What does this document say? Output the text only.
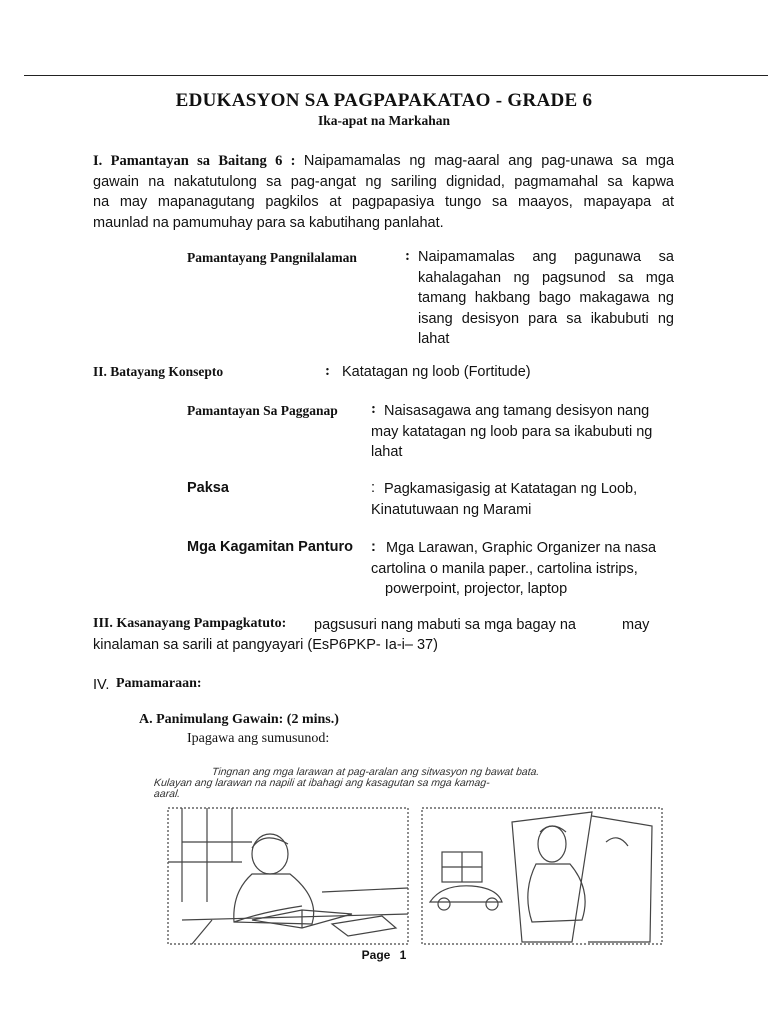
EDUKASYON SA PAGPAPAKATAO - GRADE 6
Ika-apat na Markahan
I. Pamantayan sa Baitang 6 : Naipamamalas ng mag-aaral ang pag-unawa sa mga
gawain na nakatutulong sa pag-angat ng sariling dignidad, pagmamahal sa kapwa
na may mapanagutang pagkilos at pagpapasiya tungo sa maayos, mapayapa at
maunlad na pamumuhay para sa kabutihang panlahat.
Pamantayang Pangnilalaman	: Naipamamalas ang pagunawa sa
kahalagahan ng pagsunod sa mga
tamang hakbang bago makagawa ng
isang desisyon para sa ikabubuti ng
lahat
II. Batayang Konsepto	: Katatagan ng loob (Fortitude)
Pamantayan Sa Pagganap : Naisasagawa ang tamang desisyon nang
may katatagan ng loob para sa ikabubuti ng
lahat
Paksa	: Pagkamasigasig at Katatagan ng Loob,
Kinatutuwaan ng Marami
Mga Kagamitan Panturo : Mga Larawan, Graphic Organizer na nasa
cartolina o manila paper., cartolina istrips,
powerpoint, projector, laptop
III. Kasanayang Pampagkatuto: pagsusuri nang mabuti sa mga bagay na	may
kinalaman sa sarili at pangyayari (EsP6PKP- Ia-i– 37)
IV. Pamamaraan:
A. Panimulang Gawain: (2 mins.)
Ipagawa ang sumusunod:
Tingnan ang mga larawan at pag-aralan ang sitwasyon ng bawat bata.
Kulayan ang larawan na napili at ibahagi ang kasagutan sa mga kamag-
aaral.
Page 1
